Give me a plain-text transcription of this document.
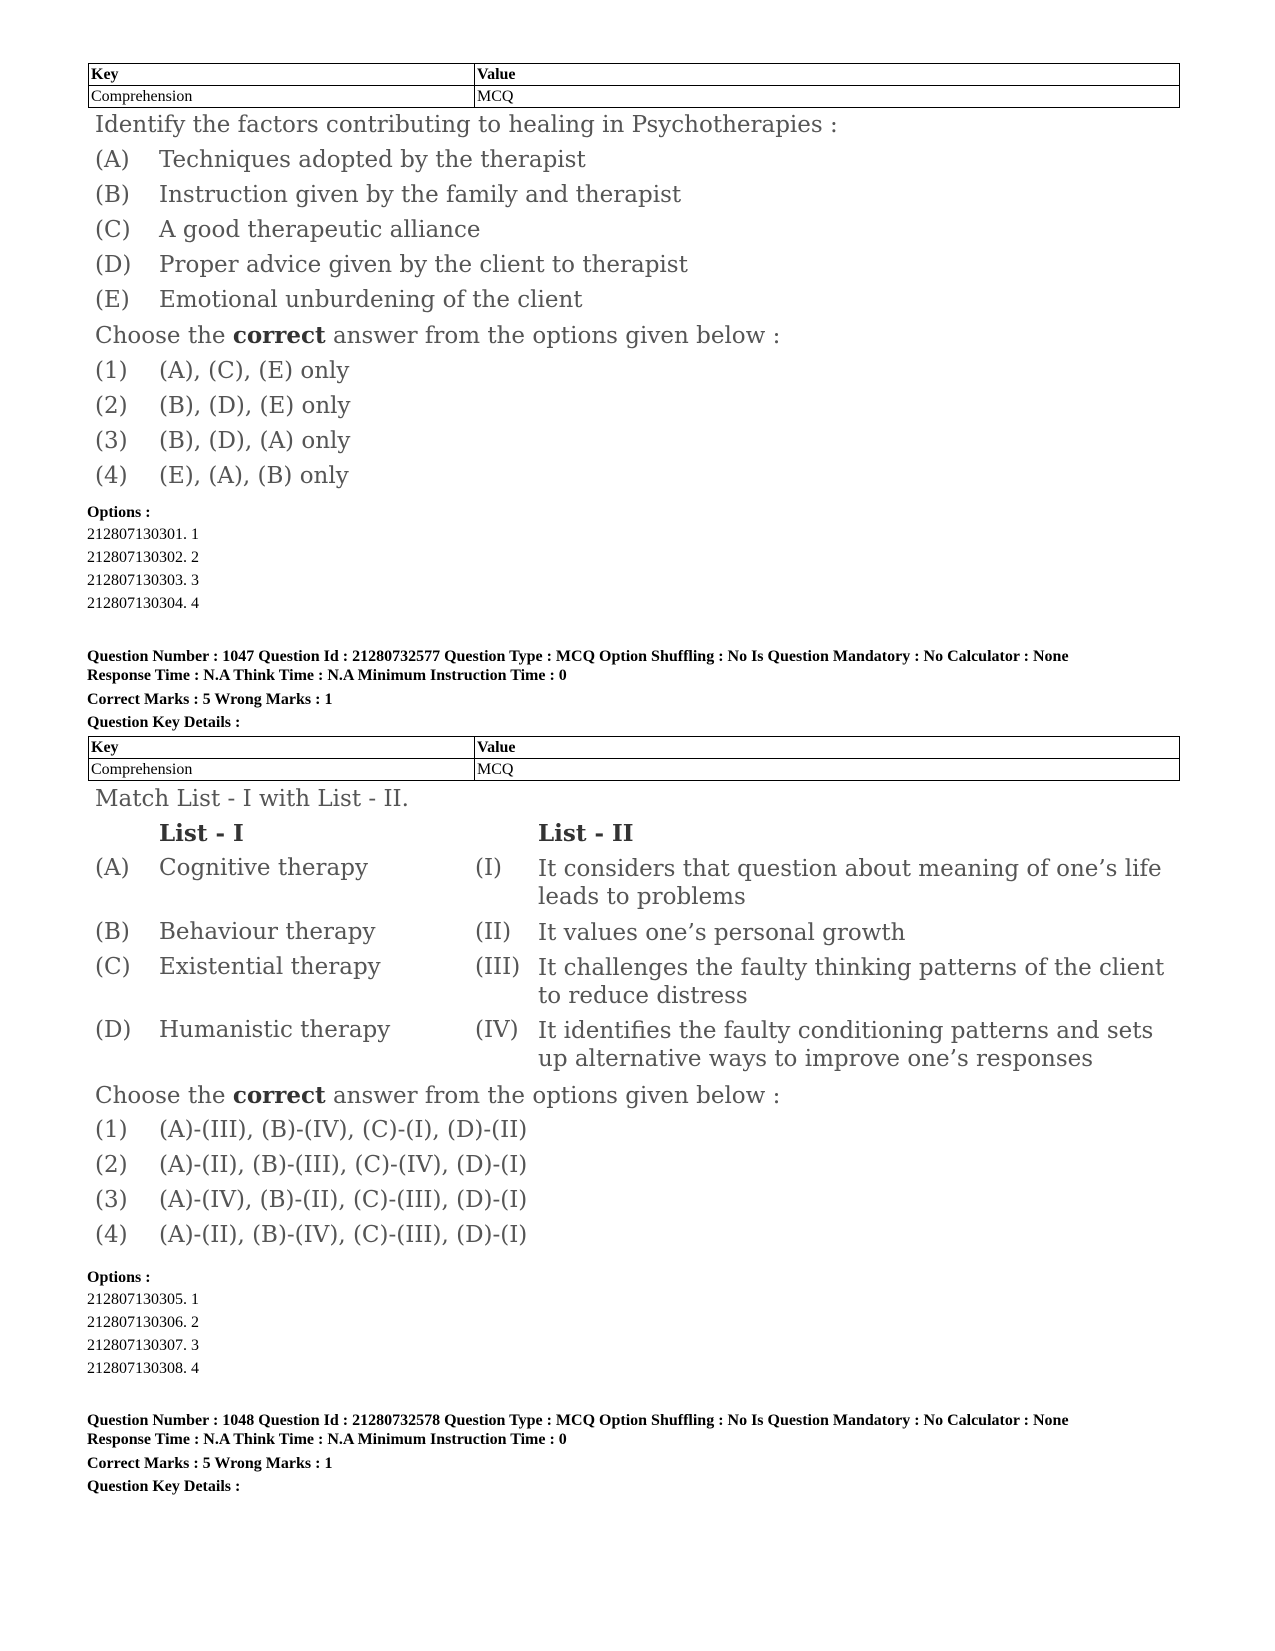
Key	Value
Comprehension	MCQ
Identify the factors contributing to healing in Psychotherapies :
(A) Techniques adopted by the therapist
(B) Instruction given by the family and therapist
(C) A good therapeutic alliance
(D) Proper advice given by the client to therapist
(E) Emotional unburdening of the client
Choose the correct answer from the options given below :
(1) (A), (C), (E) only
(2) (B), (D), (E) only
(3) (B), (D), (A) only
(4) (E), (A), (B) only
Options :
212807130301. 1
212807130302. 2
212807130303. 3
212807130304. 4
Question Number : 1047 Question Id : 21280732577 Question Type : MCQ Option Shuffling : No Is Question Mandatory : No Calculator : None
Response Time : N.A Think Time : N.A Minimum Instruction Time : 0
Correct Marks : 5 Wrong Marks : 1
Question Key Details :
Key	Value
Comprehension	MCQ
Match List - I with List - II.
List - I	List - II
(A) Cognitive therapy	(I) It considers that question about meaning of one’s life leads to problems
(B) Behaviour therapy	(II) It values one’s personal growth
(C) Existential therapy	(III) It challenges the faulty thinking patterns of the client to reduce distress
(D) Humanistic therapy	(IV) It identifies the faulty conditioning patterns and sets up alternative ways to improve one’s responses
Choose the correct answer from the options given below :
(1) (A)-(III), (B)-(IV), (C)-(I), (D)-(II)
(2) (A)-(II), (B)-(III), (C)-(IV), (D)-(I)
(3) (A)-(IV), (B)-(II), (C)-(III), (D)-(I)
(4) (A)-(II), (B)-(IV), (C)-(III), (D)-(I)
Options :
212807130305. 1
212807130306. 2
212807130307. 3
212807130308. 4
Question Number : 1048 Question Id : 21280732578 Question Type : MCQ Option Shuffling : No Is Question Mandatory : No Calculator : None
Response Time : N.A Think Time : N.A Minimum Instruction Time : 0
Correct Marks : 5 Wrong Marks : 1
Question Key Details :
